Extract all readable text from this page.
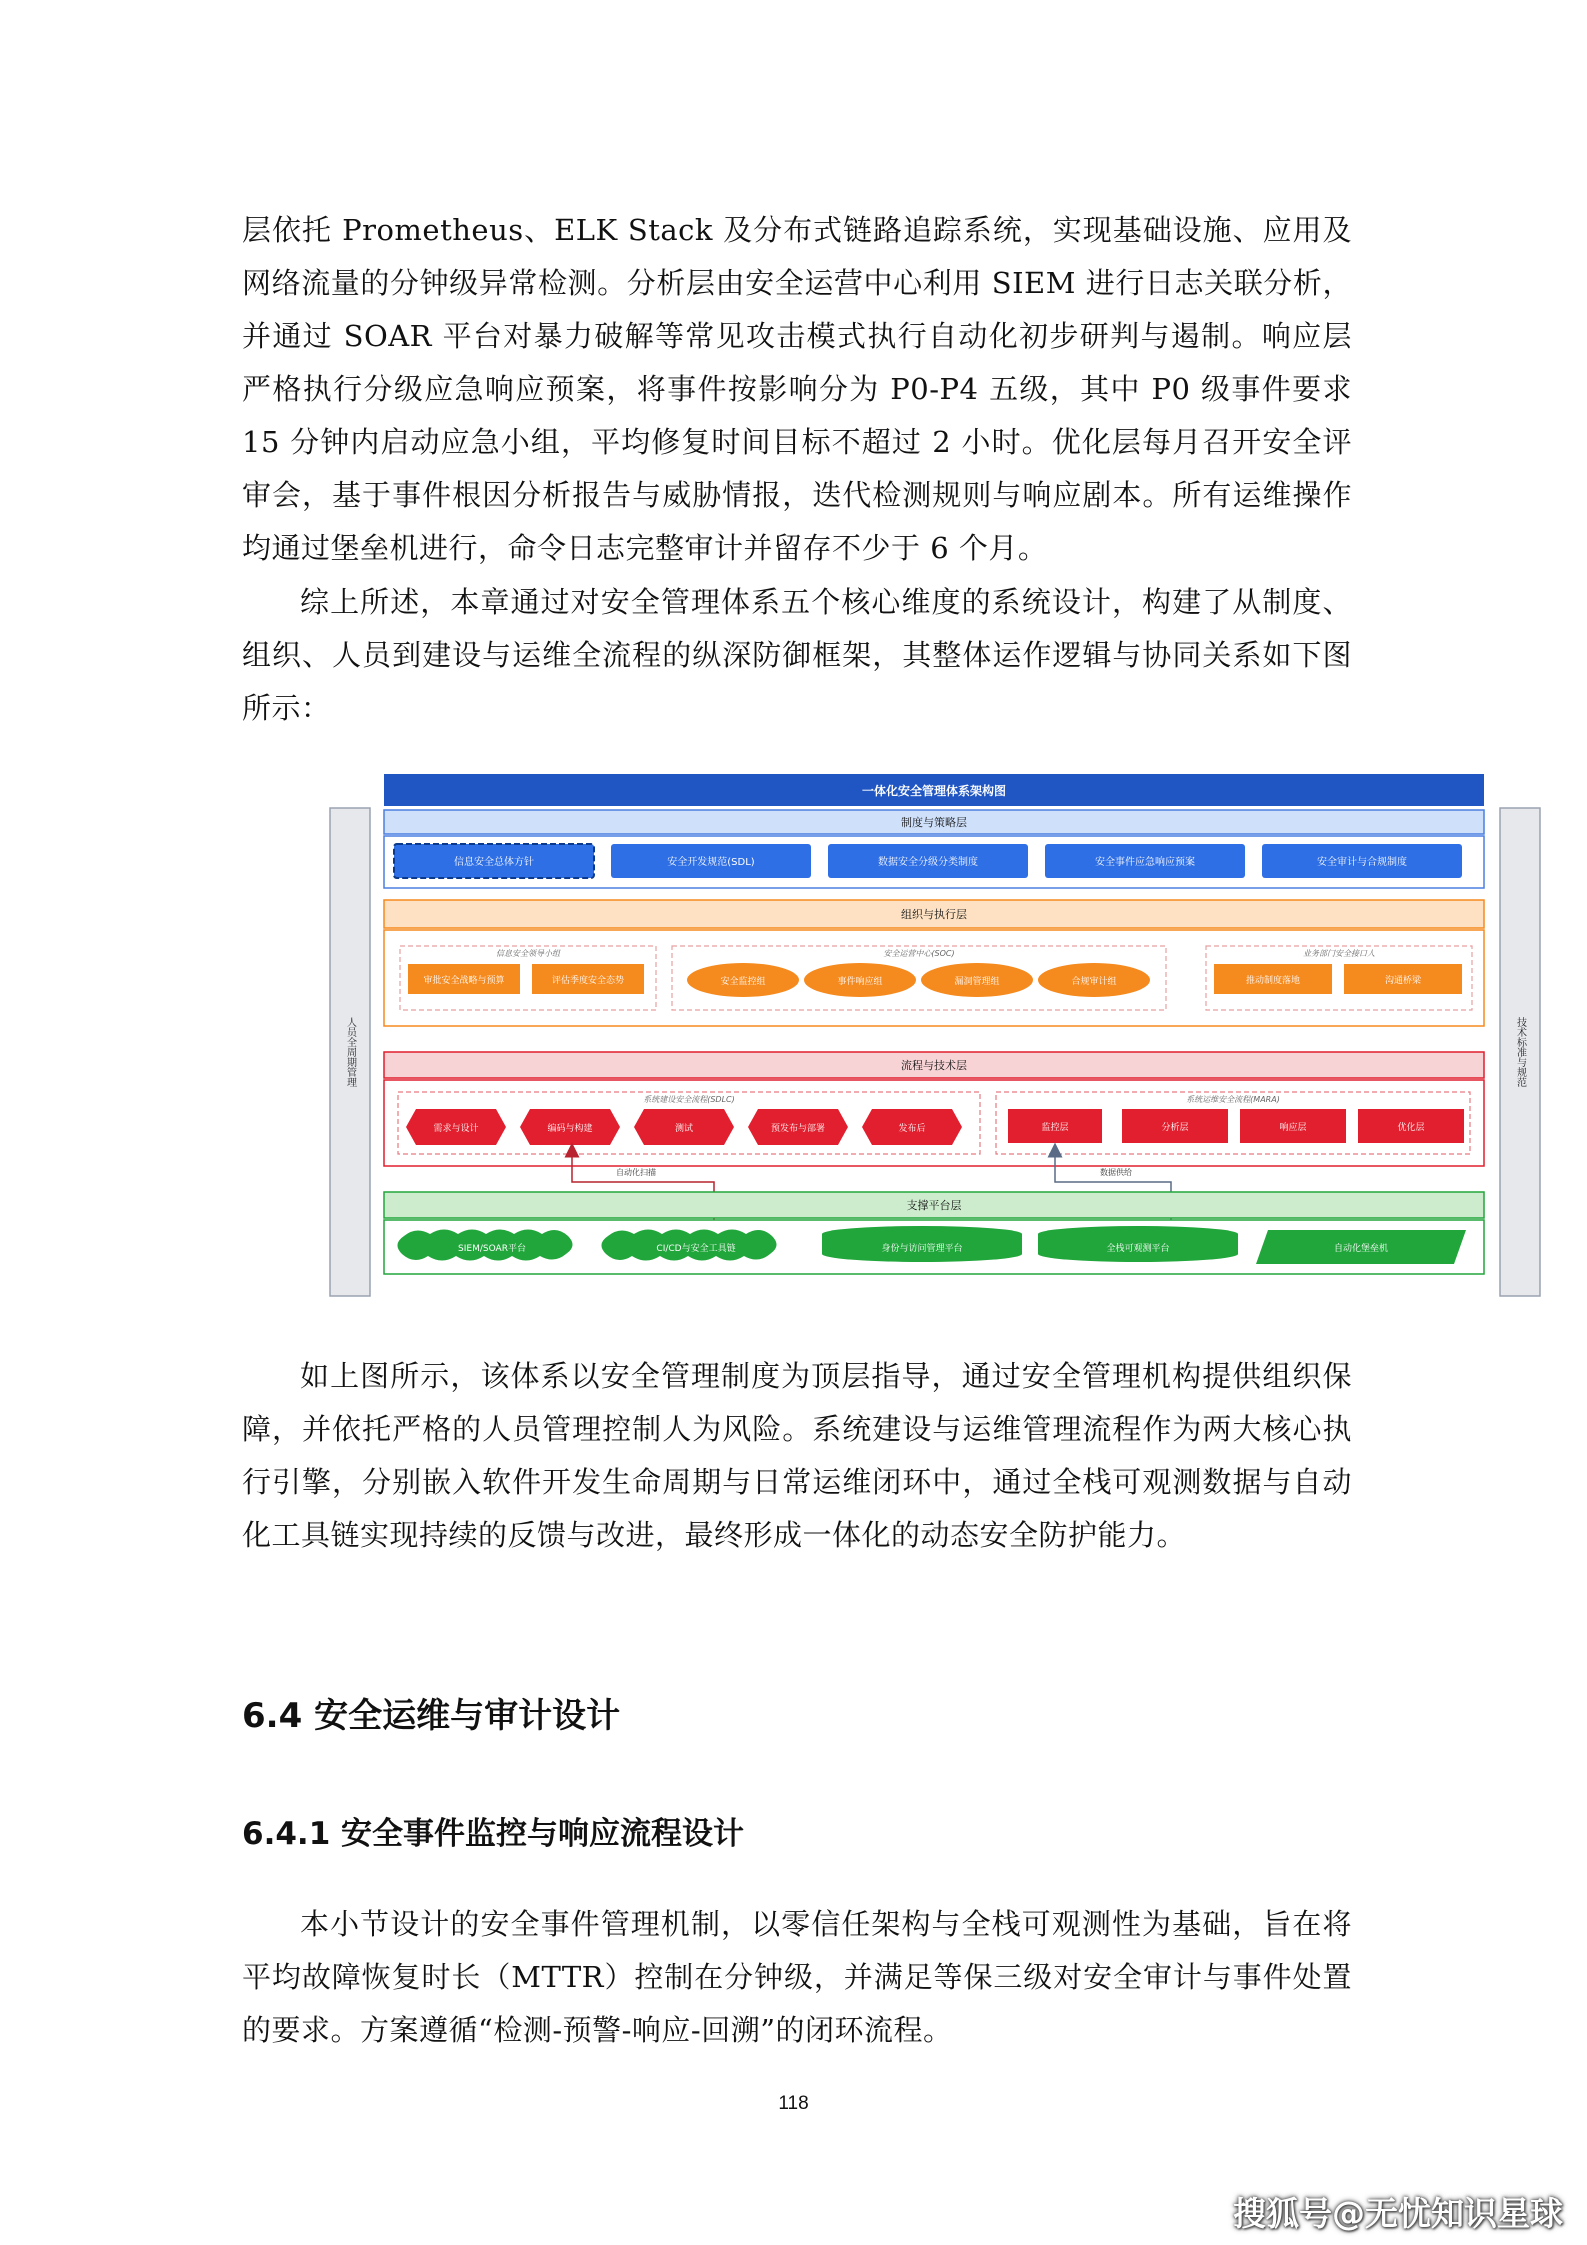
层依托 Prometheus、ELK Stack 及分布式链路追踪系统，实现基础设施、应用及网络流量的分钟级异常检测。分析层由安全运营中心利用 SIEM 进行日志关联分析，并通过 SOAR 平台对暴力破解等常见攻击模式执行自动化初步研判与遏制。响应层严格执行分级应急响应预案，将事件按影响分为 P0-P4 五级，其中 P0 级事件要求 15 分钟内启动应急小组，平均修复时间目标不超过 2 小时。优化层每月召开安全评审会，基于事件根因分析报告与威胁情报，迭代检测规则与响应剧本。所有运维操作均通过堡垒机进行，命令日志完整审计并留存不少于 6 个月。

综上所述，本章通过对安全管理体系五个核心维度的系统设计，构建了从制度、组织、人员到建设与运维全流程的纵深防御框架，其整体运作逻辑与协同关系如下图所示：

人员全周期管理	技术标准与规范
一体化安全管理体系架构图
制度与策略层
信息安全总体方针	安全开发规范(SDL)	数据安全分级分类制度	安全事件应急响应预案	安全审计与合规制度
组织与执行层
信息安全领导小组
审批安全战略与预算	评估季度安全态势
安全运营中心(SOC)
安全监控组	事件响应组	漏洞管理组	合规审计组
业务部门安全接口人
推动制度落地	沟通桥梁
流程与技术层
系统建设安全流程(SDLC)
需求与设计	编码与构建	测试	预发布与部署	发布后
系统运维安全流程(MARA)
监控层	分析层	响应层	优化层
自动化扫描	数据供给
支撑平台层
SIEM/SOAR平台	CI/CD与安全工具链	身份与访问管理平台	全栈可观测平台	自动化堡垒机

如上图所示，该体系以安全管理制度为顶层指导，通过安全管理机构提供组织保障，并依托严格的人员管理控制人为风险。系统建设与运维管理流程作为两大核心执行引擎，分别嵌入软件开发生命周期与日常运维闭环中，通过全栈可观测数据与自动化工具链实现持续的反馈与改进，最终形成一体化的动态安全防护能力。

6.4 安全运维与审计设计
6.4.1 安全事件监控与响应流程设计

本小节设计的安全事件管理机制，以零信任架构与全栈可观测性为基础，旨在将平均故障恢复时长（MTTR）控制在分钟级，并满足等保三级对安全审计与事件处置的要求。方案遵循“检测-预警-响应-回溯”的闭环流程。

118
搜狐号@无忧知识星球
